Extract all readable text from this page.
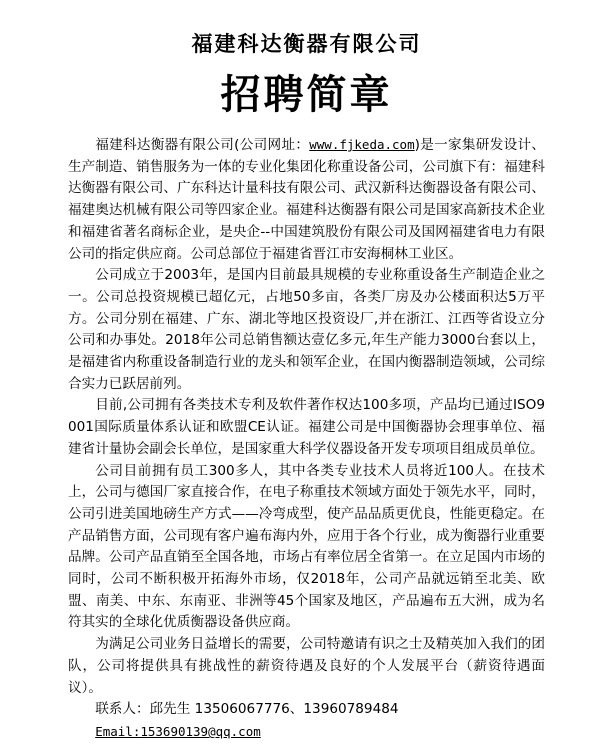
福建科达衡器有限公司
招聘简章

福建科达衡器有限公司(公司网址：www.fjkeda.com)是一家集研发设计、生产制造、销售服务为一体的专业化集团化称重设备公司，公司旗下有：福建科达衡器有限公司、广东科达计量科技有限公司、武汉新科达衡器设备有限公司、福建奥达机械有限公司等四家企业。福建科达衡器有限公司是国家高新技术企业和福建省著名商标企业，是央企--中国建筑股份有限公司及国网福建省电力有限公司的指定供应商。公司总部位于福建省晋江市安海桐林工业区。

公司成立于2003年，是国内目前最具规模的专业称重设备生产制造企业之一。公司总投资规模已超亿元，占地50多亩，各类厂房及办公楼面积达5万平方。公司分别在福建、广东、湖北等地区投资设厂,并在浙江、江西等省设立分公司和办事处。2018年公司总销售额达壹亿多元,年生产能力3000台套以上，是福建省内称重设备制造行业的龙头和领军企业，在国内衡器制造领域，公司综合实力已跃居前列。

目前,公司拥有各类技术专利及软件著作权达100多项，产品均已通过ISO9001国际质量体系认证和欧盟CE认证。福建公司是中国衡器协会理事单位、福建省计量协会副会长单位，是国家重大科学仪器设备开发专项项目组成员单位。

公司目前拥有员工300多人，其中各类专业技术人员将近100人。在技术上，公司与德国厂家直接合作，在电子称重技术领域方面处于领先水平，同时，公司引进美国地磅生产方式——冷弯成型，使产品品质更优良，性能更稳定。在产品销售方面，公司现有客户遍布海内外，应用于各个行业，成为衡器行业重要品牌。公司产品直销至全国各地，市场占有率位居全省第一。在立足国内市场的同时，公司不断积极开拓海外市场，仅2018年，公司产品就远销至北美、欧盟、南美、中东、东南亚、非洲等45个国家及地区，产品遍布五大洲，成为名符其实的全球化优质衡器设备供应商。

为满足公司业务日益增长的需要，公司特邀请有识之士及精英加入我们的团队，公司将提供具有挑战性的薪资待遇及良好的个人发展平台（薪资待遇面议）。

联系人：邱先生 13506067776、13960789484

Email:153690139@qq.com
